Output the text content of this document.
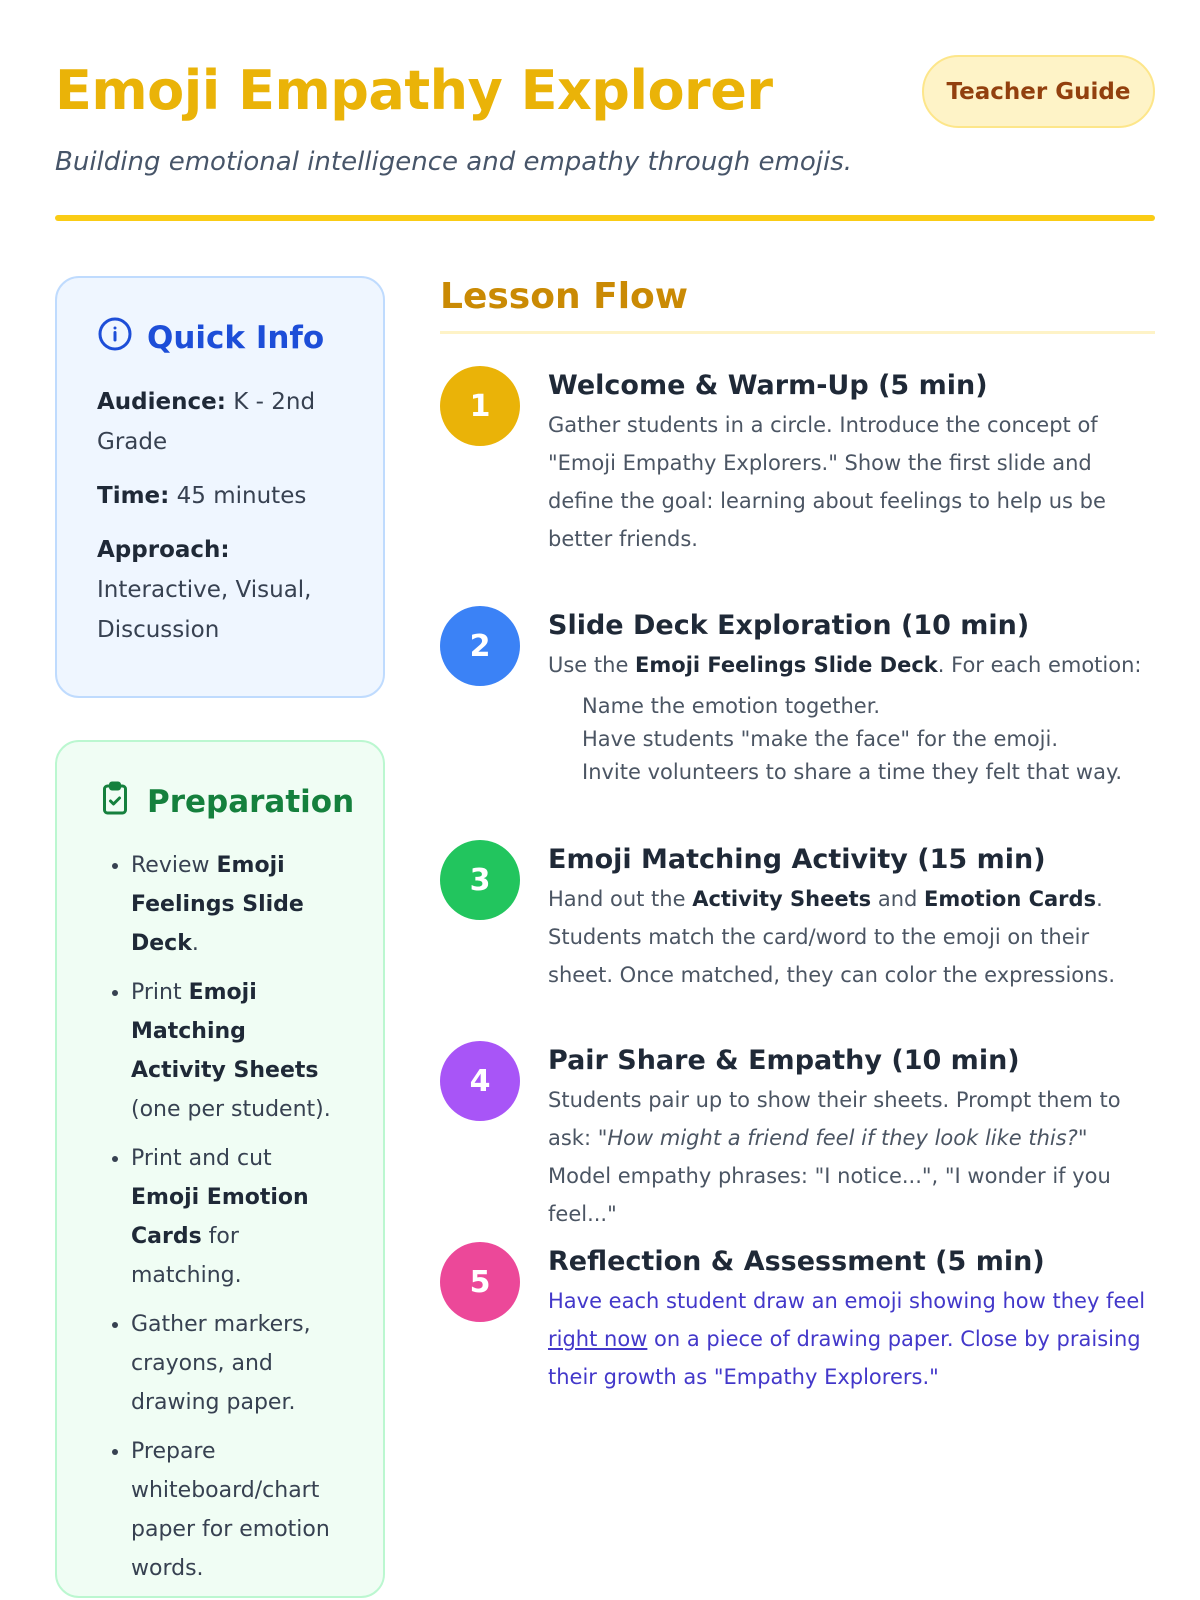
Emoji Empathy Explorer

Building emotional intelligence and empathy through emojis.

Teacher Guide
Quick Info

Audience: K - 2nd Grade

Time: 45 minutes

Approach:
Interactive, Visual, Discussion

Preparation
• Review Emoji Feelings Slide Deck.
• Print Emoji Matching Activity Sheets (one per student).
• Print and cut Emoji Emotion Cards for matching.
• Gather markers, crayons, and drawing paper.
• Prepare whiteboard/chart paper for emotion words.
Lesson Flow
1
Welcome & Warm-Up (5 min)

Gather students in a circle. Introduce the concept of "Emoji Empathy Explorers." Show the first slide and define the goal: learning about feelings to help us be better friends.

2
Slide Deck Exploration (10 min)

Use the Emoji Feelings Slide Deck. For each emotion:

Name the emotion together.
Have students "make the face" for the emoji.
Invite volunteers to share a time they felt that way.
3
Emoji Matching Activity (15 min)

Hand out the Activity Sheets and Emotion Cards. Students match the card/word to the emoji on their sheet. Once matched, they can color the expressions.

4
Pair Share & Empathy (10 min)

Students pair up to show their sheets. Prompt them to ask: "How might a friend feel if they look like this?" Model empathy phrases: "I notice...", "I wonder if you feel..."

5
Reflection & Assessment (5 min)

Have each student draw an emoji showing how they feel right now on a piece of drawing paper. Close by praising their growth as "Empathy Explorers."
